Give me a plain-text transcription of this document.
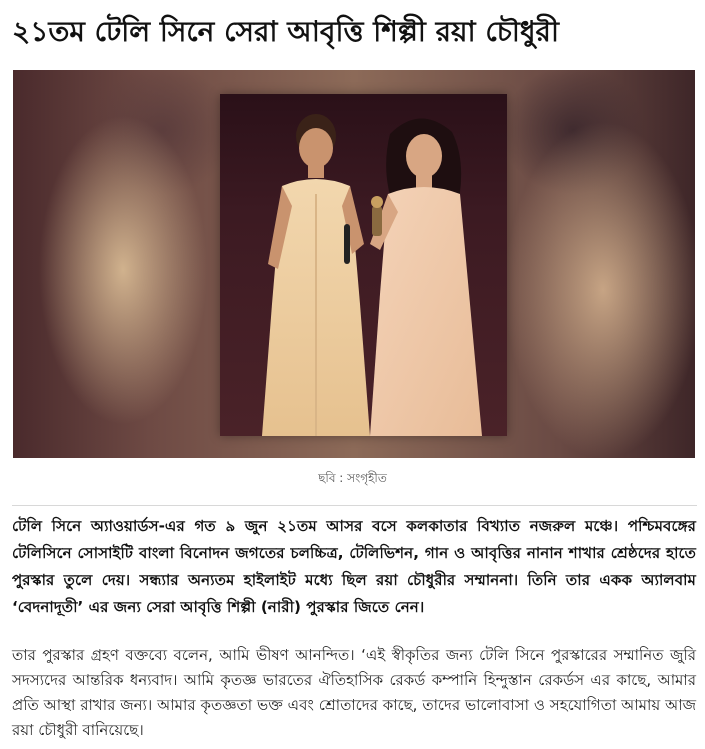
২১তম টেলি সিনে সেরা আবৃত্তি শিল্পী রয়া চৌধুরী

ছবি : সংগৃহীত

টেলি সিনে অ্যাওয়ার্ডস-এর গত ৯ জুন ২১তম আসর বসে কলকাতার বিখ্যাত নজরুল মঞ্চে। পশ্চিমবঙ্গের টেলিসিনে সোসাইটি বাংলা বিনোদন জগতের চলচ্চিত্র, টেলিভিশন, গান ও আবৃত্তির নানান শাখার শ্রেষ্ঠদের হাতে পুরস্কার তুলে দেয়। সন্ধ্যার অন্যতম হাইলাইট মধ্যে ছিল রয়া চৌধুরীর সম্মাননা। তিনি তার একক অ্যালবাম ‘বেদনাদূতী’ এর জন্য সেরা আবৃত্তি শিল্পী (নারী) পুরস্কার জিতে নেন।

তার পুরস্কার গ্রহণ বক্তব্যে বলেন, আমি ভীষণ আনন্দিত। ‘এই স্বীকৃতির জন্য টেলি সিনে পুরস্কারের সম্মানিত জুরি সদস্যদের আন্তরিক ধন্যবাদ। আমি কৃতজ্ঞ ভারতের ঐতিহাসিক রেকর্ড কম্পানি হিন্দুস্তান রেকর্ডস এর কাছে, আমার প্রতি আস্থা রাখার জন্য। আমার কৃতজ্ঞতা ভক্ত এবং শ্রোতাদের কাছে, তাদের ভালোবাসা ও সহযোগিতা আমায় আজ রয়া চৌধুরী বানিয়েছে।
